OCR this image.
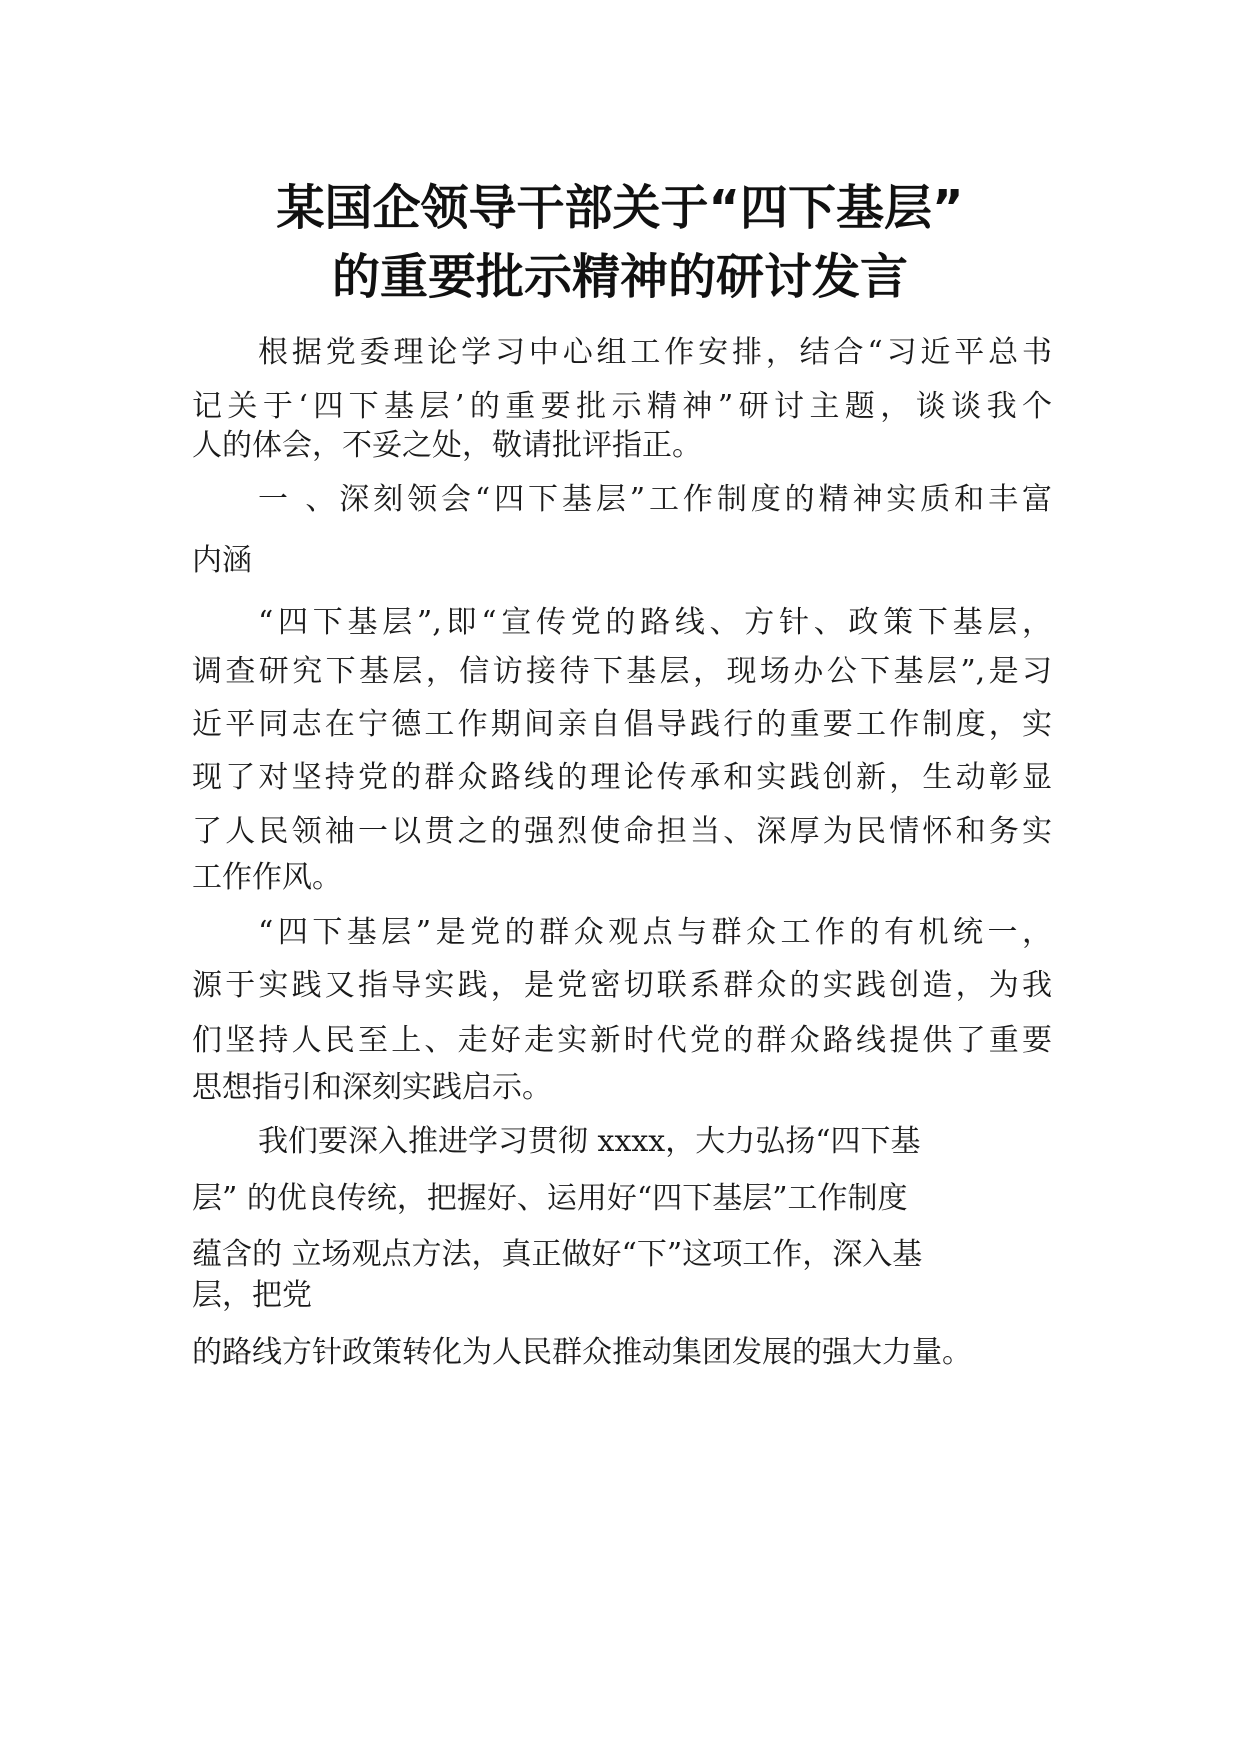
某国企领导干部关于“四下基层”
的重要批示精神的研讨发言
根据党委理论学习中心组工作安排，结合“习近平总书
记关于‘四下基层’的重要批示精神”研讨主题，谈谈我个
人的体会，不妥之处，敬请批评指正。
一 、深刻领会“四下基层”工作制度的精神实质和丰富
内涵
“四下基层”,即“宣传党的路线、方针、政策下基层，
调查研究下基层，信访接待下基层，现场办公下基层”,是习
近平同志在宁德工作期间亲自倡导践行的重要工作制度，实
现了对坚持党的群众路线的理论传承和实践创新，生动彰显
了人民领袖一以贯之的强烈使命担当、深厚为民情怀和务实
工作作风。
“四下基层”是党的群众观点与群众工作的有机统一，
源于实践又指导实践，是党密切联系群众的实践创造，为我
们坚持人民至上、走好走实新时代党的群众路线提供了重要
思想指引和深刻实践启示。
我们要深入推进学习贯彻 xxxx，大力弘扬“四下基
层” 的优良传统，把握好、运用好“四下基层”工作制度
蕴含的 立场观点方法，真正做好“下”这项工作，深入基
层，把党
的路线方针政策转化为人民群众推动集团发展的强大力量。
